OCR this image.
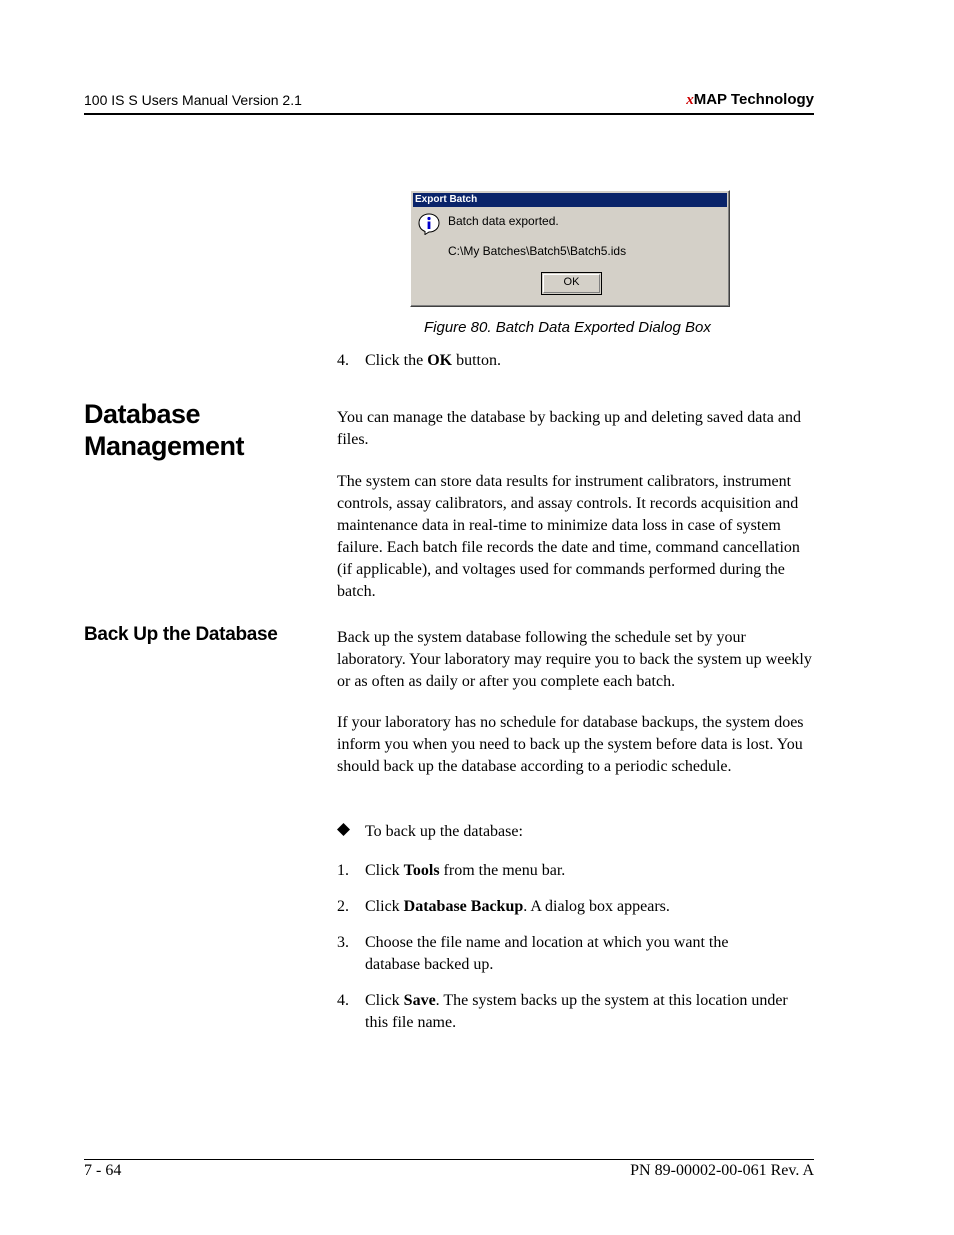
100 IS S Users Manual Version 2.1	xMAP Technology
Export Batch
Batch data exported.
C:\My Batches\Batch5\Batch5.ids
OK
Figure 80. Batch Data Exported Dialog Box
4.	Click the OK button.
Database Management
You can manage the database by backing up and deleting saved data and files.
The system can store data results for instrument calibrators, instrument controls, assay calibrators, and assay controls. It records acquisition and maintenance data in real-time to minimize data loss in case of system failure. Each batch file records the date and time, command cancellation (if applicable), and voltages used for commands performed during the batch.
Back Up the Database	Back up the system database following the schedule set by your laboratory. Your laboratory may require you to back the system up weekly or as often as daily or after you complete each batch.
If your laboratory has no schedule for database backups, the system does inform you when you need to back up the system before data is lost. You should back up the database according to a periodic schedule.
To back up the database:
1.	Click Tools from the menu bar.
2.	Click Database Backup. A dialog box appears.
3.	Choose the file name and location at which you want the database backed up.
4.	Click Save. The system backs up the system at this location under this file name.
7 - 64	PN 89-00002-00-061 Rev. A
